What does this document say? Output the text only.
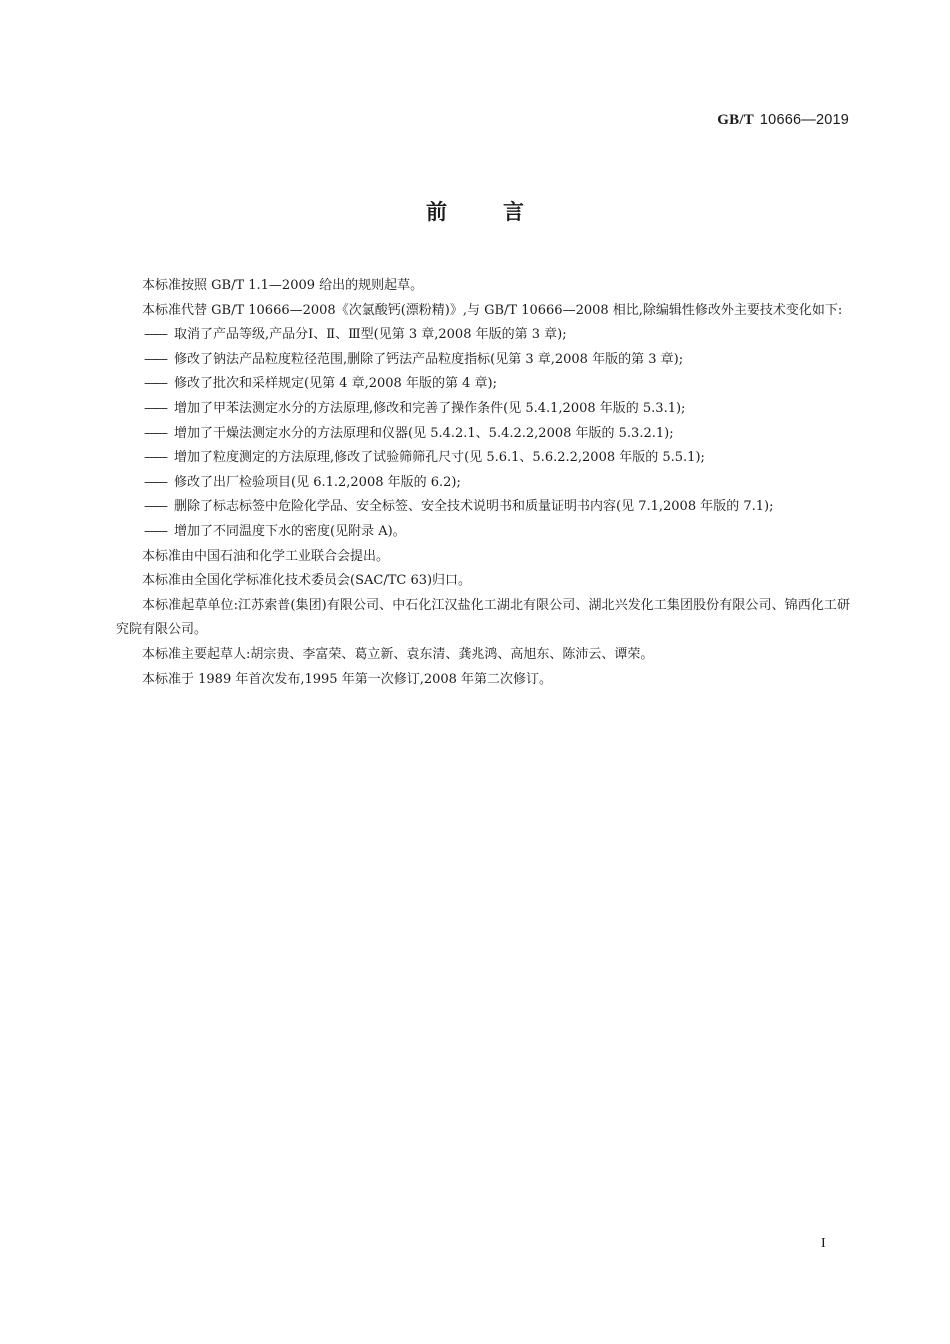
GB/T 10666—2019
前言

本标准按照 GB/T 1.1—2009 给出的规则起草。

本标准代替 GB/T 10666—2008《次氯酸钙(漂粉精)》,与 GB/T 10666—2008 相比,除编辑性修改外主要技术变化如下:

—— 取消了产品等级,产品分Ⅰ、Ⅱ、Ⅲ型(见第 3 章,2008 年版的第 3 章);

—— 修改了钠法产品粒度粒径范围,删除了钙法产品粒度指标(见第 3 章,2008 年版的第 3 章);

—— 修改了批次和采样规定(见第 4 章,2008 年版的第 4 章);

—— 增加了甲苯法测定水分的方法原理,修改和完善了操作条件(见 5.4.1,2008 年版的 5.3.1);

—— 增加了干燥法测定水分的方法原理和仪器(见 5.4.2.1、5.4.2.2,2008 年版的 5.3.2.1);

—— 增加了粒度测定的方法原理,修改了试验筛筛孔尺寸(见 5.6.1、5.6.2.2,2008 年版的 5.5.1);

—— 修改了出厂检验项目(见 6.1.2,2008 年版的 6.2);

—— 删除了标志标签中危险化学品、安全标签、安全技术说明书和质量证明书内容(见 7.1,2008 年版的 7.1);

—— 增加了不同温度下水的密度(见附录 A)。

本标准由中国石油和化学工业联合会提出。

本标准由全国化学标准化技术委员会(SAC/TC 63)归口。

本标准起草单位:江苏索普(集团)有限公司、中石化江汉盐化工湖北有限公司、湖北兴发化工集团股份有限公司、锦西化工研究院有限公司。

本标准主要起草人:胡宗贵、李富荣、葛立新、袁东清、龚兆鸿、高旭东、陈沛云、谭荣。

本标准于 1989 年首次发布,1995 年第一次修订,2008 年第二次修订。

I
